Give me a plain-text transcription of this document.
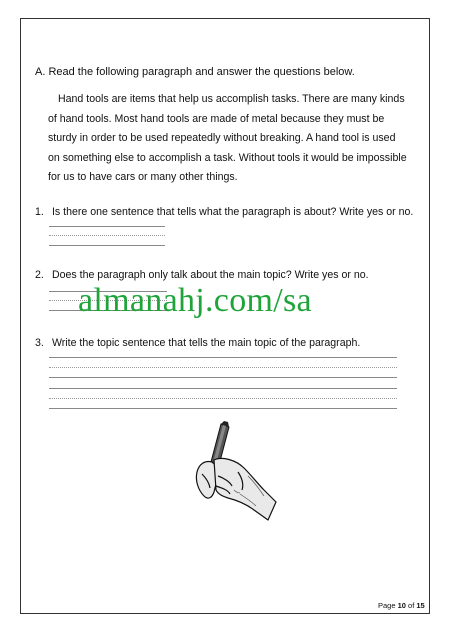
A. Read the following paragraph and answer the questions below.
Hand tools are items that help us accomplish tasks. There are many kinds
of hand tools. Most hand tools are made of metal because they must be
sturdy in order to be used repeatedly without breaking. A hand tool is used
on something else to accomplish a task. Without tools it would be impossible
for us to have cars or many other things.
1. Is there one sentence that tells what the paragraph is about? Write yes or no.
2. Does the paragraph only talk about the main topic? Write yes or no.
almanahj.com/sa
3. Write the topic sentence that tells the main topic of the paragraph.
Page 10 of 15
